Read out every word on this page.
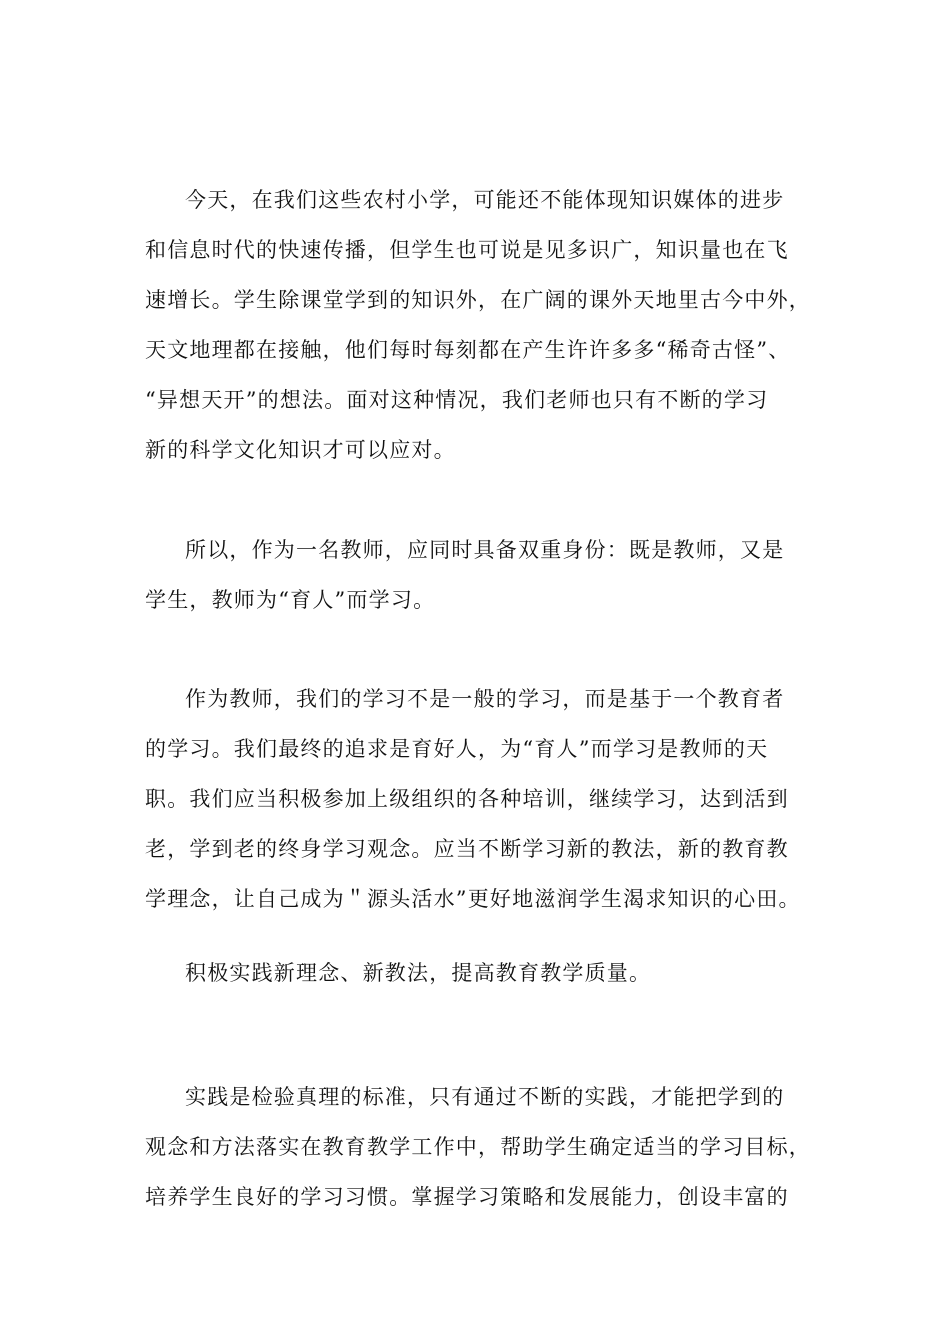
今天，在我们这些农村小学，可能还不能体现知识媒体的进步
和信息时代的快速传播，但学生也可说是见多识广，知识量也在飞
速增长。学生除课堂学到的知识外，在广阔的课外天地里古今中外，
天文地理都在接触，他们每时每刻都在产生许许多多“稀奇古怪”、
“异想天开”的想法。面对这种情况，我们老师也只有不断的学习
新的科学文化知识才可以应对。
所以，作为一名教师，应同时具备双重身份：既是教师，又是
学生，教师为“育人”而学习。
作为教师，我们的学习不是一般的学习，而是基于一个教育者
的学习。我们最终的追求是育好人，为“育人”而学习是教师的天
职。我们应当积极参加上级组织的各种培训，继续学习，达到活到
老，学到老的终身学习观念。应当不断学习新的教法，新的教育教
学理念，让自己成为＂源头活水”更好地滋润学生渴求知识的心田。
积极实践新理念、新教法，提高教育教学质量。
实践是检验真理的标准，只有通过不断的实践，才能把学到的
观念和方法落实在教育教学工作中，帮助学生确定适当的学习目标，
培养学生良好的学习习惯。掌握学习策略和发展能力，创设丰富的
